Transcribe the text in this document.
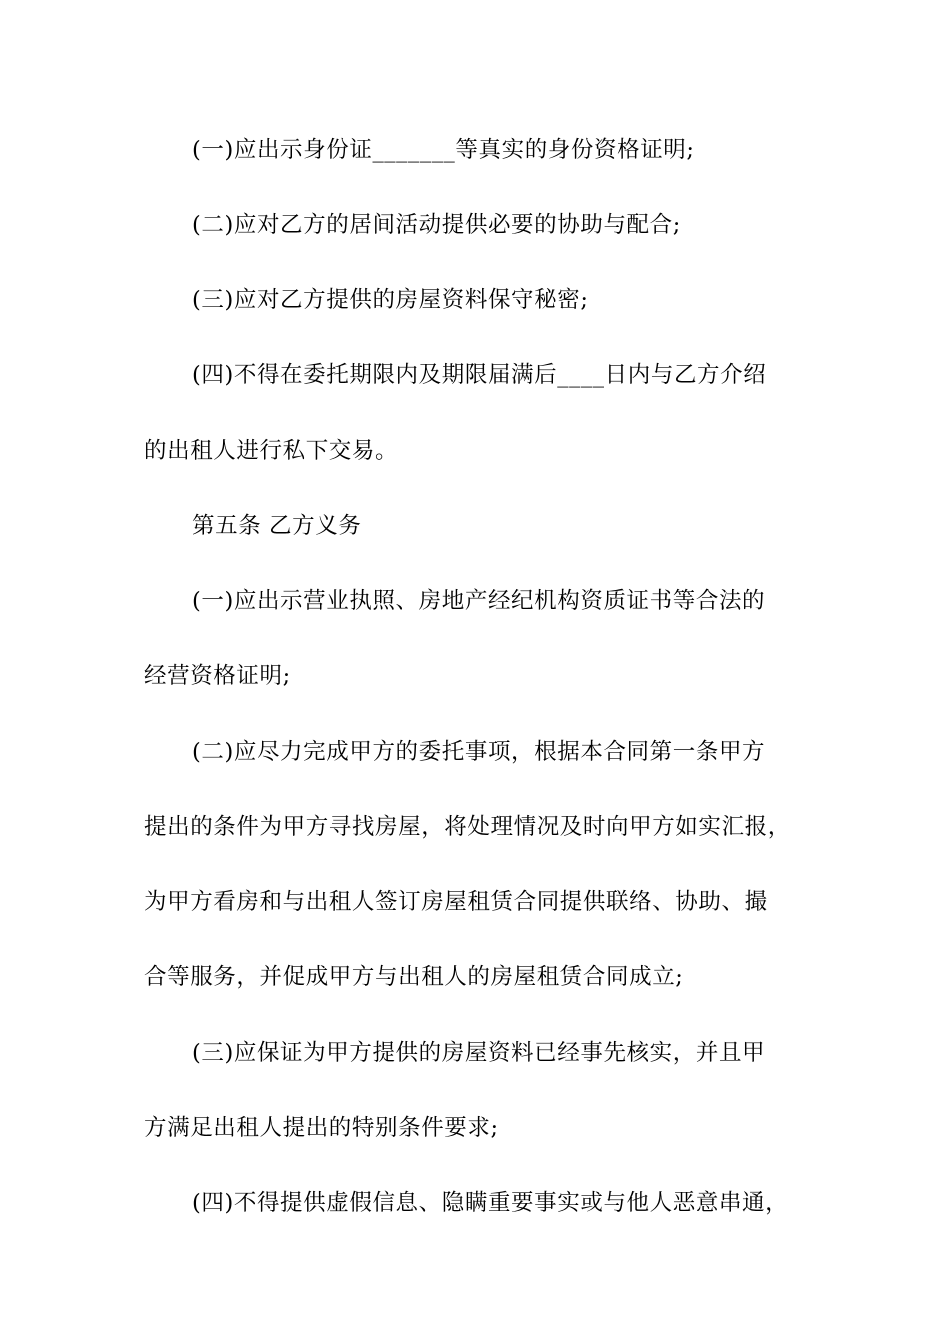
(一)应出示身份证_______等真实的身份资格证明;
(二)应对乙方的居间活动提供必要的协助与配合;
(三)应对乙方提供的房屋资料保守秘密;
(四)不得在委托期限内及期限届满后____日内与乙方介绍
的出租人进行私下交易。
第五条 乙方义务
(一)应出示营业执照、房地产经纪机构资质证书等合法的
经营资格证明;
(二)应尽力完成甲方的委托事项，根据本合同第一条甲方
提出的条件为甲方寻找房屋，将处理情况及时向甲方如实汇报，
为甲方看房和与出租人签订房屋租赁合同提供联络、协助、撮
合等服务，并促成甲方与出租人的房屋租赁合同成立;
(三)应保证为甲方提供的房屋资料已经事先核实，并且甲
方满足出租人提出的特别条件要求;
(四)不得提供虚假信息、隐瞒重要事实或与他人恶意串通，
